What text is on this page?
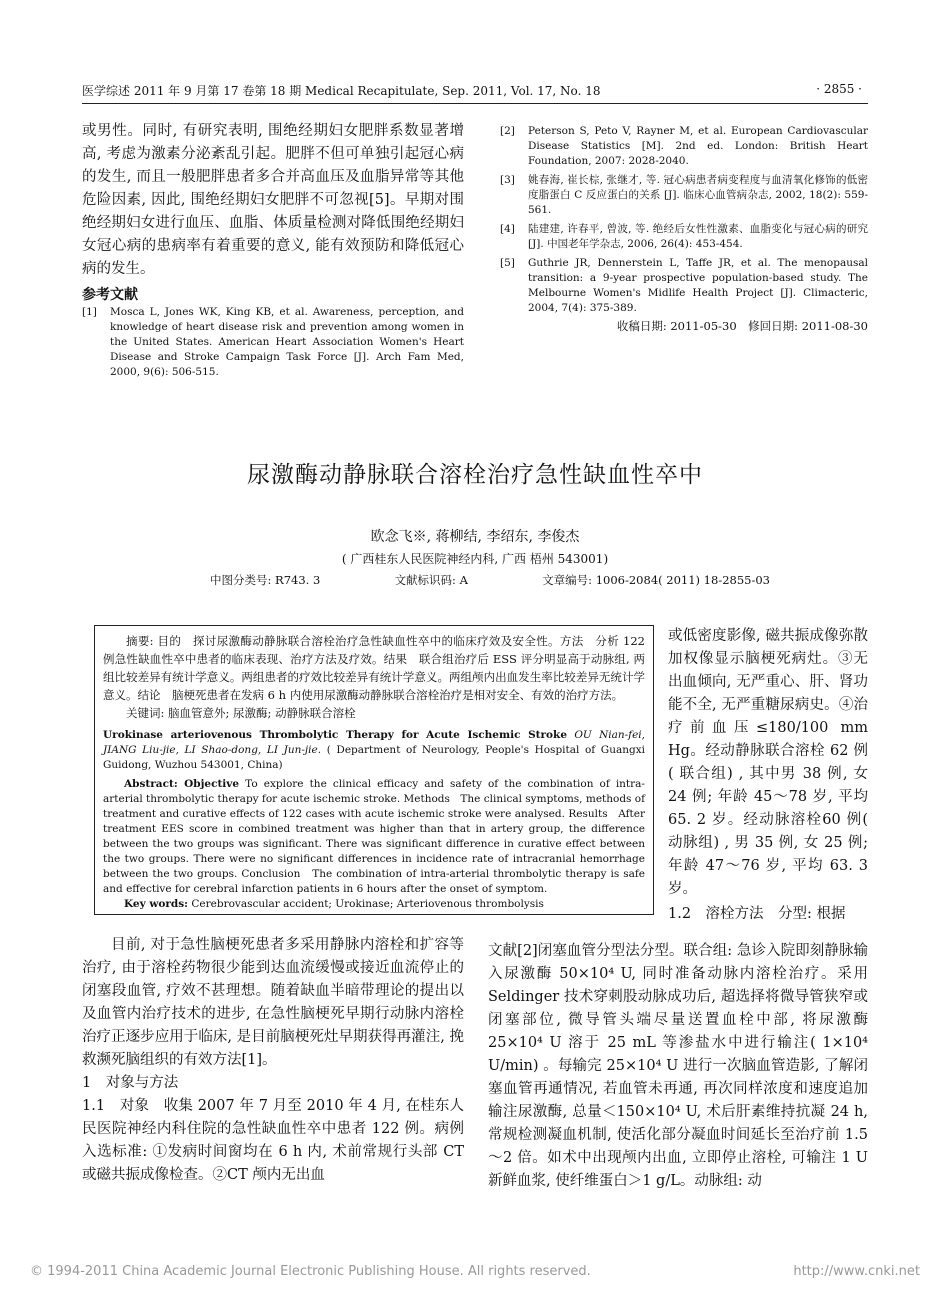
医学综述 2011 年 9 月第 17 卷第 18 期 Medical Recapitulate, Sep. 2011, Vol. 17, No. 18	· 2855 ·

或男性。同时, 有研究表明, 围绝经期妇女肥胖系数显著增高, 考虑为激素分泌紊乱引起。肥胖不但可单独引起冠心病的发生, 而且一般肥胖患者多合并高血压及血脂异常等其他危险因素, 因此, 围绝经期妇女肥胖不可忽视[5]。早期对围绝经期妇女进行血压、血脂、体质量检测对降低围绝经期妇女冠心病的患病率有着重要的意义, 能有效预防和降低冠心病的发生。

参考文献

[1]	Mosca L, Jones WK, King KB, et al. Awareness, perception, and knowledge of heart disease risk and prevention among women in the United States. American Heart Association Women's Heart Disease and Stroke Campaign Task Force [J]. Arch Fam Med, 2000, 9(6): 506-515.
[2]	Peterson S, Peto V, Rayner M, et al. European Cardiovascular Disease Statistics [M]. 2nd ed. London: British Heart Foundation, 2007: 2028-2040.
[3]	姚春海, 崔长棕, 张继才, 等. 冠心病患者病变程度与血清氧化修饰的低密度脂蛋白 C 反应蛋白的关系 [J]. 临床心血管病杂志, 2002, 18(2): 559-561.
[4]	陆建建, 许春平, 曾波, 等. 绝经后女性性激素、血脂变化与冠心病的研究 [J]. 中国老年学杂志, 2006, 26(4): 453-454.
[5]	Guthrie JR, Dennerstein L, Taffe JR, et al. The menopausal transition: a 9-year prospective population-based study. The Melbourne Women's Midlife Health Project [J]. Climacteric, 2004, 7(4): 375-389.
收稿日期: 2011-05-30　修回日期: 2011-08-30
尿激酶动静脉联合溶栓治疗急性缺血性卒中
欧念飞※, 蒋柳结, 李绍东, 李俊杰
( 广西桂东人民医院神经内科, 广西 梧州 543001)
中图分类号: R743. 3	文献标识码: A	文章编号: 1006-2084( 2011) 18-2855-03

摘要: 目的　探讨尿激酶动静脉联合溶栓治疗急性缺血性卒中的临床疗效及安全性。方法　分析 122 例急性缺血性卒中患者的临床表现、治疗方法及疗效。结果　联合组治疗后 ESS 评分明显高于动脉组, 两组比较差异有统计学意义。两组患者的疗效比较差异有统计学意义。两组颅内出血发生率比较差异无统计学意义。结论　脑梗死患者在发病 6 h 内使用尿激酶动静脉联合溶栓治疗是相对安全、有效的治疗方法。

关键词: 脑血管意外; 尿激酶; 动静脉联合溶栓

Urokinase arteriovenous Thrombolytic Therapy for Acute Ischemic Stroke OU Nian-fei, JIANG Liu-jie, LI Shao-dong, LI Jun-jie. ( Department of Neurology, People's Hospital of Guangxi Guidong, Wuzhou 543001, China)

Abstract: Objective To explore the clinical efficacy and safety of the combination of intra-arterial thrombolytic therapy for acute ischemic stroke. Methods　The clinical symptoms, methods of treatment and curative effects of 122 cases with acute ischemic stroke were analysed. Results　After treatment EES score in combined treatment was higher than that in artery group, the difference between the two groups was significant. There was significant difference in curative effect between the two groups. There were no significant differences in incidence rate of intracranial hemorrhage between the two groups. Conclusion　The combination of intra-arterial thrombolytic therapy is safe and effective for cerebral infarction patients in 6 hours after the onset of symptom.

Key words: Cerebrovascular accident; Urokinase; Arteriovenous thrombolysis

或低密度影像, 磁共振成像弥散加权像显示脑梗死病灶。③无出血倾向, 无严重心、肝、肾功能不全, 无严重糖尿病史。④治疗前血压≤180/100 mm Hg。经动静脉联合溶栓 62 例( 联合组) , 其中男 38 例, 女 24 例; 年龄 45～78 岁, 平均 65. 2 岁。经动脉溶栓60 例( 动脉组) , 男 35 例, 女 25 例; 年龄 47～76 岁, 平均 63. 3 岁。

1.2　溶栓方法　分型: 根据

目前, 对于急性脑梗死患者多采用静脉内溶栓和扩容等治疗, 由于溶栓药物很少能到达血流缓慢或接近血流停止的闭塞段血管, 疗效不甚理想。随着缺血半暗带理论的提出以及血管内治疗技术的进步, 在急性脑梗死早期行动脉内溶栓治疗正逐步应用于临床, 是目前脑梗死灶早期获得再灌注, 挽救濒死脑组织的有效方法[1]。

1　对象与方法

1.1　对象　收集 2007 年 7 月至 2010 年 4 月, 在桂东人民医院神经内科住院的急性缺血性卒中患者 122 例。病例入选标准: ①发病时间窗均在 6 h 内, 术前常规行头部 CT 或磁共振成像检查。②CT 颅内无出血

文献[2]闭塞血管分型法分型。联合组: 急诊入院即刻静脉输入尿激酶 50×10⁴ U, 同时准备动脉内溶栓治疗。采用 Seldinger 技术穿刺股动脉成功后, 超选择将微导管狭窄或闭塞部位, 微导管头端尽量送置血栓中部, 将尿激酶 25×10⁴ U 溶于 25 mL 等渗盐水中进行输注( 1×10⁴ U/min) 。每输完 25×10⁴ U 进行一次脑血管造影, 了解闭塞血管再通情况, 若血管未再通, 再次同样浓度和速度追加输注尿激酶, 总量＜150×10⁴ U, 术后肝素维持抗凝 24 h, 常规检测凝血机制, 使活化部分凝血时间延长至治疗前 1.5～2 倍。如术中出现颅内出血, 立即停止溶栓, 可输注 1 U 新鲜血浆, 使纤维蛋白＞1 g/L。动脉组: 动

© 1994-2011 China Academic Journal Electronic Publishing House. All rights reserved.	http://www.cnki.net
